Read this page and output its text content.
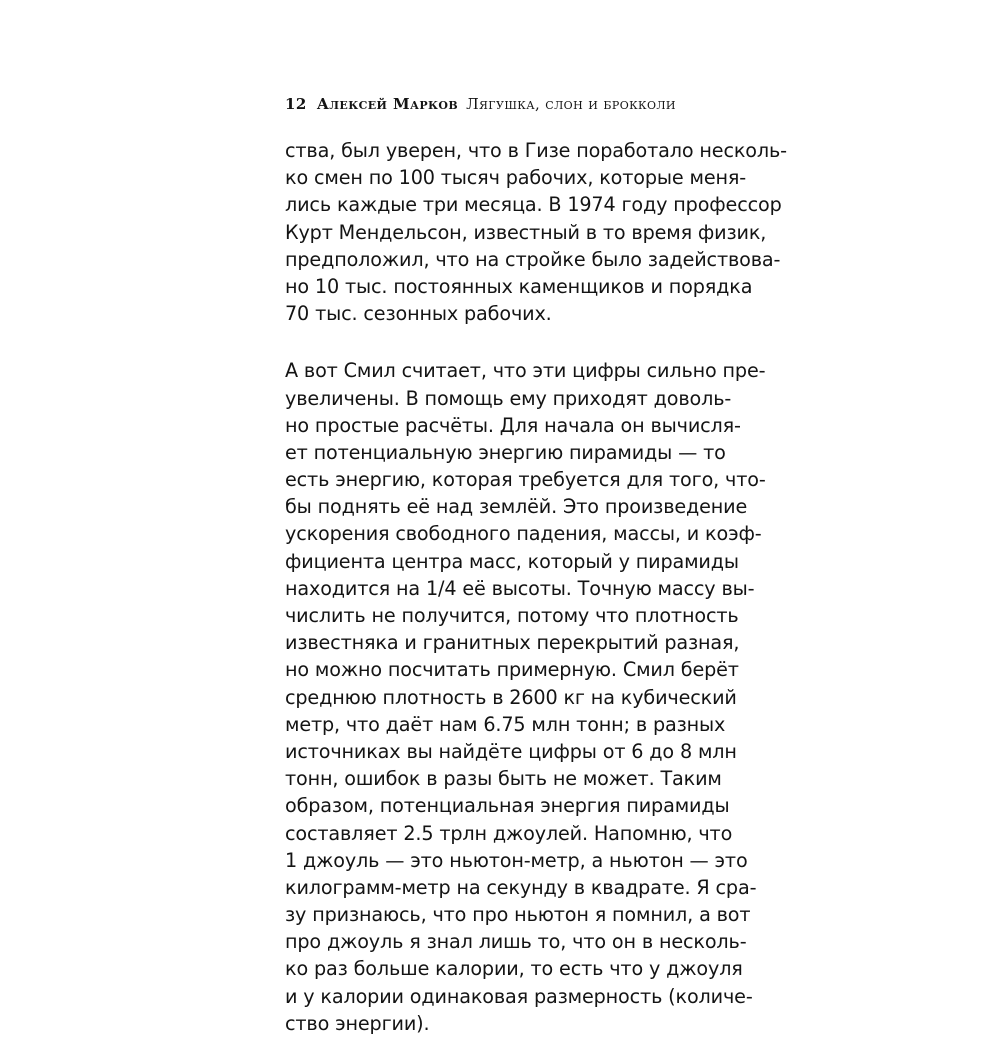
12 Алексей Марков Лягушка, слон и брокколи
ства, был уверен, что в Гизе поработало несколь-
ко смен по 100 тысяч рабочих, которые меня-
лись каждые три месяца. В 1974 году профессор
Курт Мендельсон, известный в то время физик,
предположил, что на стройке было задействова-
но 10 тыс. постоянных каменщиков и порядка
70 тыс. сезонных рабочих.
А вот Смил считает, что эти цифры сильно пре-
увеличены. В помощь ему приходят доволь-
но простые расчёты. Для начала он вычисля-
ет потенциальную энергию пирамиды — то
есть энергию, которая требуется для того, что-
бы поднять её над землёй. Это произведение
ускорения свободного падения, массы, и коэф-
фициента центра масс, который у пирамиды
находится на 1/4 её высоты. Точную массу вы-
числить не получится, потому что плотность
известняка и гранитных перекрытий разная,
но можно посчитать примерную. Смил берёт
среднюю плотность в 2600 кг на кубический
метр, что даёт нам 6.75 млн тонн; в разных
источниках вы найдёте цифры от 6 до 8 млн
тонн, ошибок в разы быть не может. Таким
образом, потенциальная энергия пирамиды
составляет 2.5 трлн джоулей. Напомню, что
1 джоуль — это ньютон-метр, а ньютон — это
килограмм-метр на секунду в квадрате. Я сра-
зу признаюсь, что про ньютон я помнил, а вот
про джоуль я знал лишь то, что он в несколь-
ко раз больше калории, то есть что у джоуля
и у калории одинаковая размерность (количе-
ство энергии).
